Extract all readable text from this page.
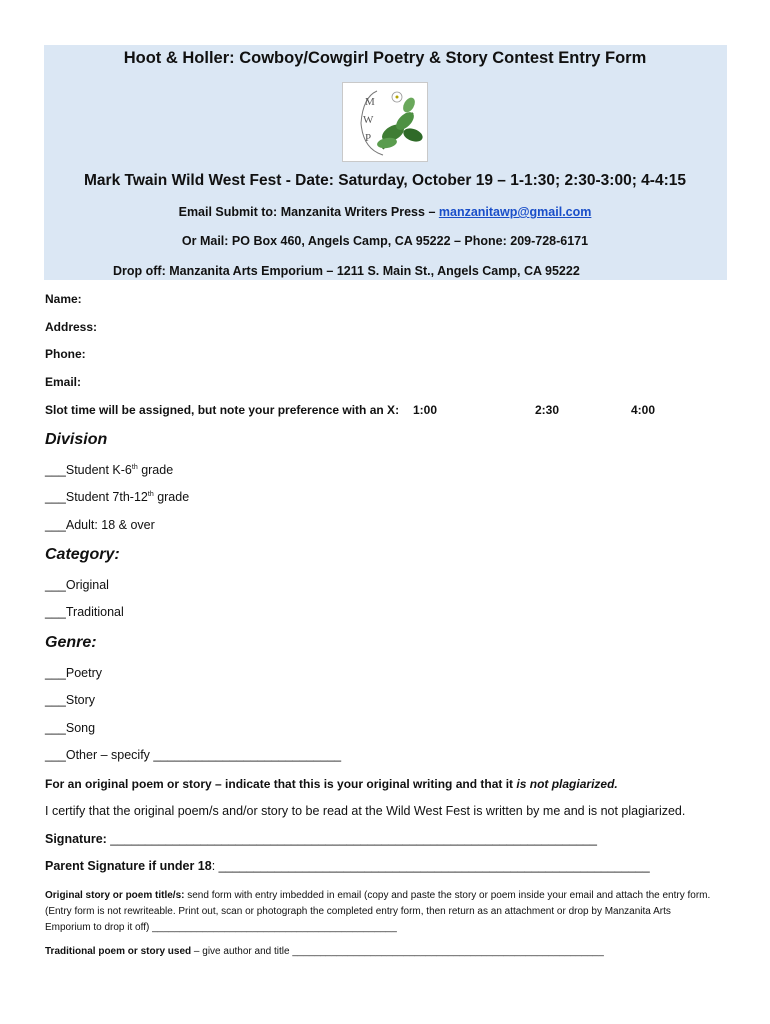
Hoot & Holler: Cowboy/Cowgirl Poetry & Story Contest Entry Form
M
W
P
Mark Twain Wild West Fest - Date: Saturday, October 19 – 1-1:30; 2:30-3:00; 4-4:15
Email Submit to: Manzanita Writers Press – manzanitawp@gmail.com
Or Mail: PO Box 460, Angels Camp, CA 95222 – Phone: 209-728-6171
Drop off: Manzanita Arts Emporium – 1211 S. Main St., Angels Camp, CA 95222
Name:
Address:
Phone:
Email:
Slot time will be assigned, but note your preference with an X: 1:00	2:30	4:00
Division
___Student K-6th grade
___Student 7th-12th grade
___Adult: 18 & over
Category:
___Original
___Traditional
Genre:
___Poetry
___Story
___Song
___Other – specify ___________________________
For an original poem or story – indicate that this is your original writing and that it is not plagiarized.
I certify that the original poem/s and/or story to be read at the Wild West Fest is written by me and is not plagiarized.
Signature: ______________________________________________________________________
Parent Signature if under 18: ______________________________________________________________
Original story or poem title/s: send form with entry imbedded in email (copy and paste the story or poem inside your email and attach the entry form. (Entry form is not rewriteable. Print out, scan or photograph the completed entry form, then return as an attachment or drop by Manzanita Arts Emporium to drop it off) ____________________________________________
Traditional poem or story used – give author and title ________________________________________________________
